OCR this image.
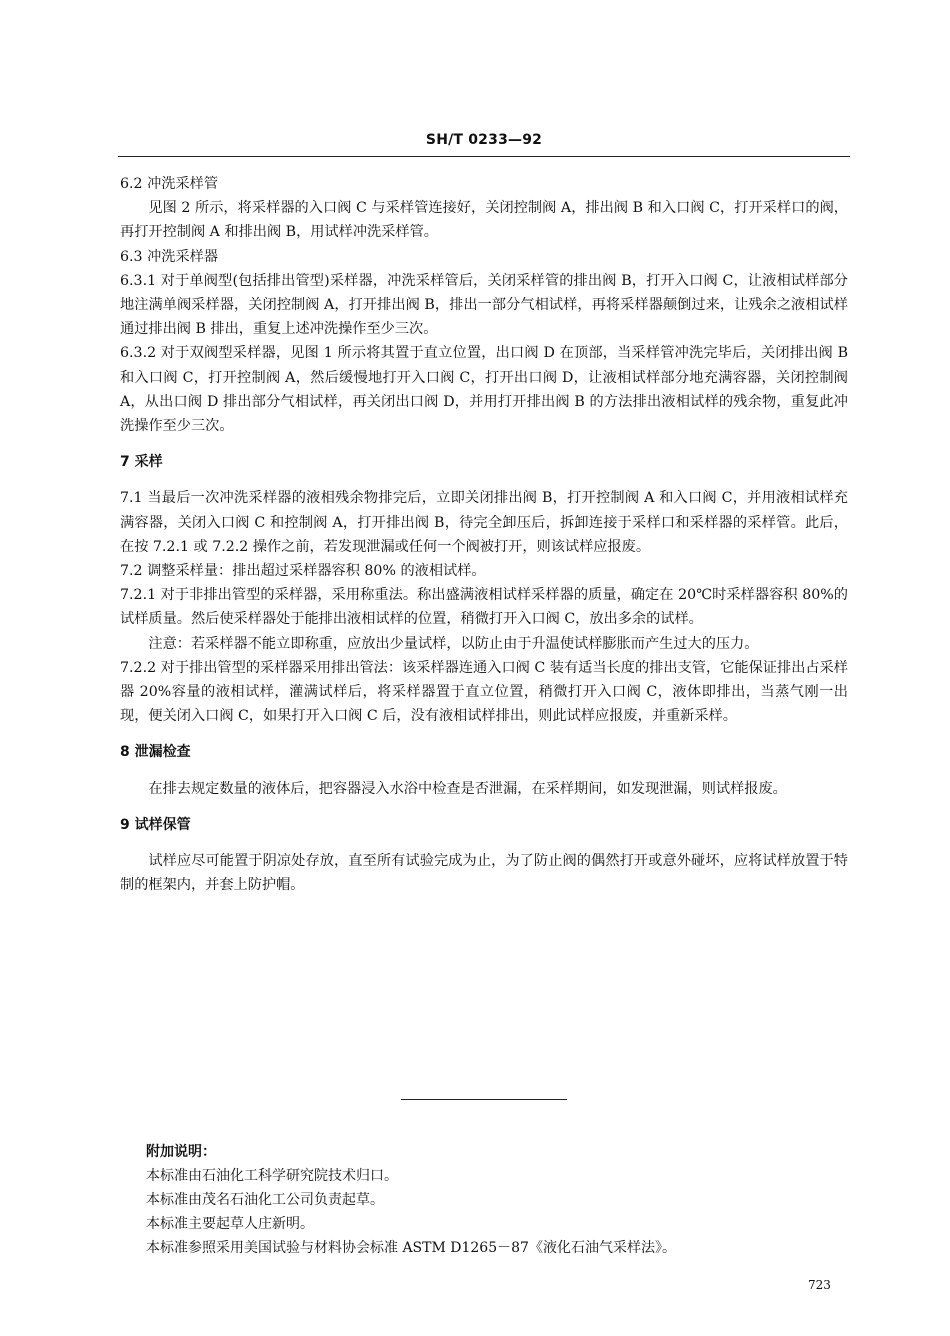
SH/T 0233—92

6.2 冲洗采样管

见图 2 所示，将采样器的入口阀 C 与采样管连接好，关闭控制阀 A，排出阀 B 和入口阀 C，打开采样口的阀，再打开控制阀 A 和排出阀 B，用试样冲洗采样管。

6.3 冲洗采样器

6.3.1 对于单阀型(包括排出管型)采样器，冲洗采样管后，关闭采样管的排出阀 B，打开入口阀 C，让液相试样部分地注满单阀采样器，关闭控制阀 A，打开排出阀 B，排出一部分气相试样，再将采样器颠倒过来，让残余之液相试样通过排出阀 B 排出，重复上述冲洗操作至少三次。

6.3.2 对于双阀型采样器，见图 1 所示将其置于直立位置，出口阀 D 在顶部，当采样管冲洗完毕后，关闭排出阀 B 和入口阀 C，打开控制阀 A，然后缓慢地打开入口阀 C，打开出口阀 D，让液相试样部分地充满容器，关闭控制阀 A，从出口阀 D 排出部分气相试样，再关闭出口阀 D，并用打开排出阀 B 的方法排出液相试样的残余物，重复此冲洗操作至少三次。

7 采样

7.1 当最后一次冲洗采样器的液相残余物排完后，立即关闭排出阀 B，打开控制阀 A 和入口阀 C，并用液相试样充满容器，关闭入口阀 C 和控制阀 A，打开排出阀 B，待完全卸压后，拆卸连接于采样口和采样器的采样管。此后，在按 7.2.1 或 7.2.2 操作之前，若发现泄漏或任何一个阀被打开，则该试样应报废。

7.2 调整采样量：排出超过采样器容积 80% 的液相试样。

7.2.1 对于非排出管型的采样器，采用称重法。称出盛满液相试样采样器的质量，确定在 20℃时采样器容积 80%的试样质量。然后使采样器处于能排出液相试样的位置，稍微打开入口阀 C，放出多余的试样。

注意：若采样器不能立即称重，应放出少量试样，以防止由于升温使试样膨胀而产生过大的压力。

7.2.2 对于排出管型的采样器采用排出管法：该采样器连通入口阀 C 装有适当长度的排出支管，它能保证排出占采样器 20%容量的液相试样，灌满试样后，将采样器置于直立位置，稍微打开入口阀 C，液体即排出，当蒸气刚一出现，便关闭入口阀 C，如果打开入口阀 C 后，没有液相试样排出，则此试样应报废，并重新采样。

8 泄漏检查

在排去规定数量的液体后，把容器浸入水浴中检查是否泄漏，在采样期间，如发现泄漏，则试样报废。

9 试样保管

试样应尽可能置于阴凉处存放，直至所有试验完成为止，为了防止阀的偶然打开或意外碰坏，应将试样放置于特制的框架内，并套上防护帽。

附加说明：

本标准由石油化工科学研究院技术归口。

本标准由茂名石油化工公司负责起草。

本标准主要起草人庄新明。

本标准参照采用美国试验与材料协会标准 ASTM D1265－87《液化石油气采样法》。

723
